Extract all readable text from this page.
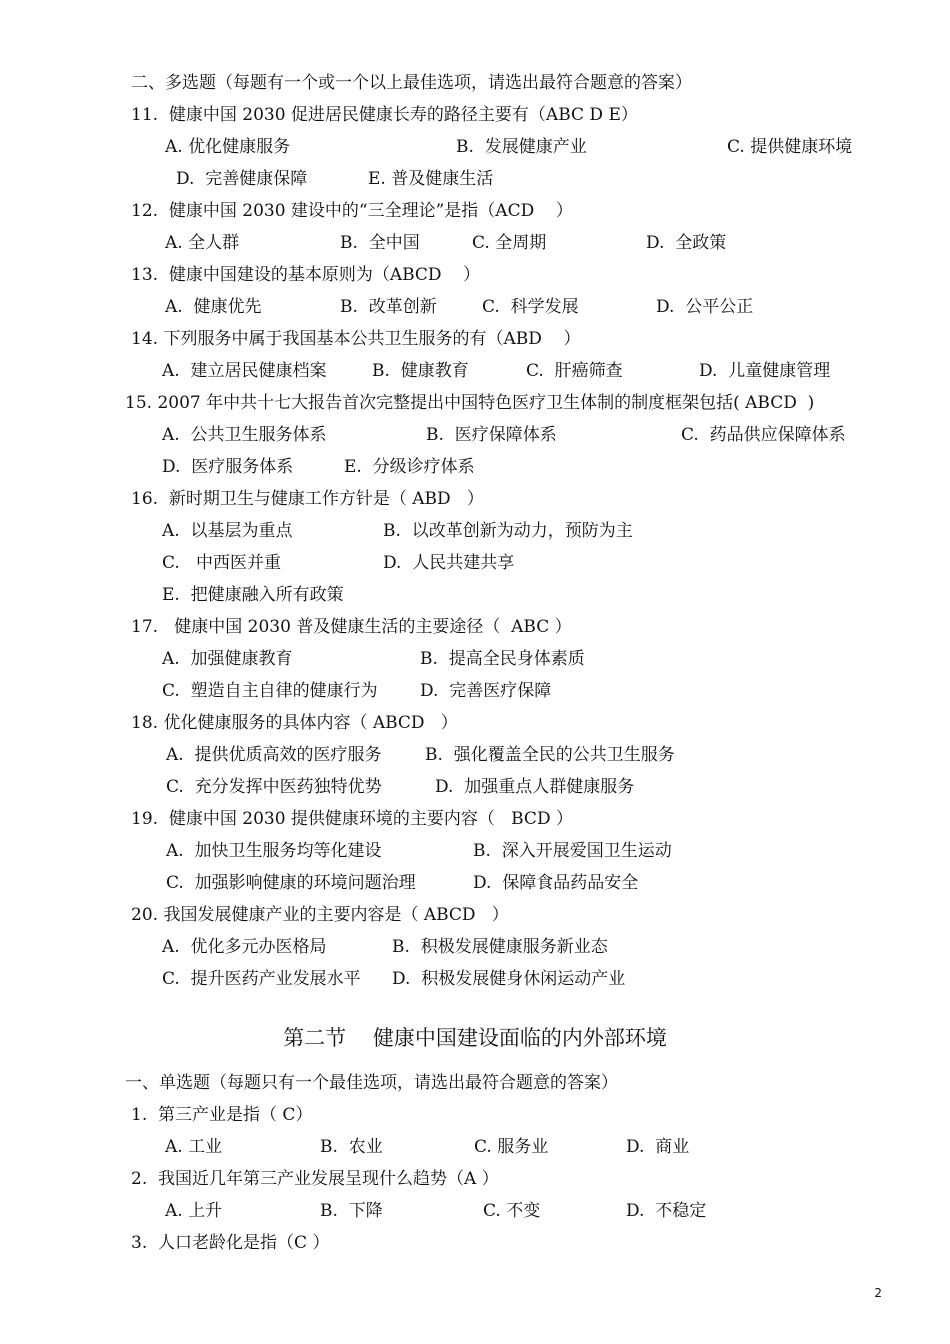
二、多选题（每题有一个或一个以上最佳选项，请选出最符合题意的答案）
11.  健康中国 2030 促进居民健康长寿的路径主要有（ABC D E）
A. 优化健康服务	B.  发展健康产业	C. 提供健康环境
D.  完善健康保障	E. 普及健康生活
12.  健康中国 2030 建设中的“三全理论”是指（ACD    ）
A. 全人群	B.  全中国	C. 全周期	D.  全政策
13.  健康中国建设的基本原则为（ABCD    ）
A.  健康优先	B.  改革创新	C.  科学发展	D.  公平公正
14. 下列服务中属于我国基本公共卫生服务的有（ABD    ）
A.  建立居民健康档案	B.  健康教育	C.  肝癌筛查	D.  儿童健康管理
15. 2007 年中共十七大报告首次完整提出中国特色医疗卫生体制的制度框架包括( ABCD  )
A.  公共卫生服务体系	B.  医疗保障体系	C.  药品供应保障体系
D.  医疗服务体系	E.  分级诊疗体系
16.  新时期卫生与健康工作方针是（ ABD   ）
A.  以基层为重点	B.  以改革创新为动力，预防为主
C.   中西医并重	D.  人民共建共享
E.  把健康融入所有政策
17.   健康中国 2030 普及健康生活的主要途径（  ABC ）
A.  加强健康教育	B.  提高全民身体素质
C.  塑造自主自律的健康行为 D.  完善医疗保障
18. 优化健康服务的具体内容（ ABCD   ）
A.  提供优质高效的医疗服务	B.  强化覆盖全民的公共卫生服务
C.  充分发挥中医药独特优势	D.  加强重点人群健康服务
19.  健康中国 2030 提供健康环境的主要内容（   BCD ）
A.  加快卫生服务均等化建设	B.  深入开展爱国卫生运动
C.  加强影响健康的环境问题治理	D.  保障食品药品安全
20. 我国发展健康产业的主要内容是（ ABCD   ）
A.  优化多元办医格局	B.  积极发展健康服务新业态
C.  提升医药产业发展水平 D.  积极发展健身休闲运动产业
第二节    健康中国建设面临的内外部环境
一、单选题（每题只有一个最佳选项，请选出最符合题意的答案）
1.  第三产业是指（ C）
A. 工业	B.  农业	C. 服务业	D.  商业
2.  我国近几年第三产业发展呈现什么趋势（A ）
A. 上升	B.  下降	C. 不变	D.  不稳定
3.  人口老龄化是指（C ）
2
